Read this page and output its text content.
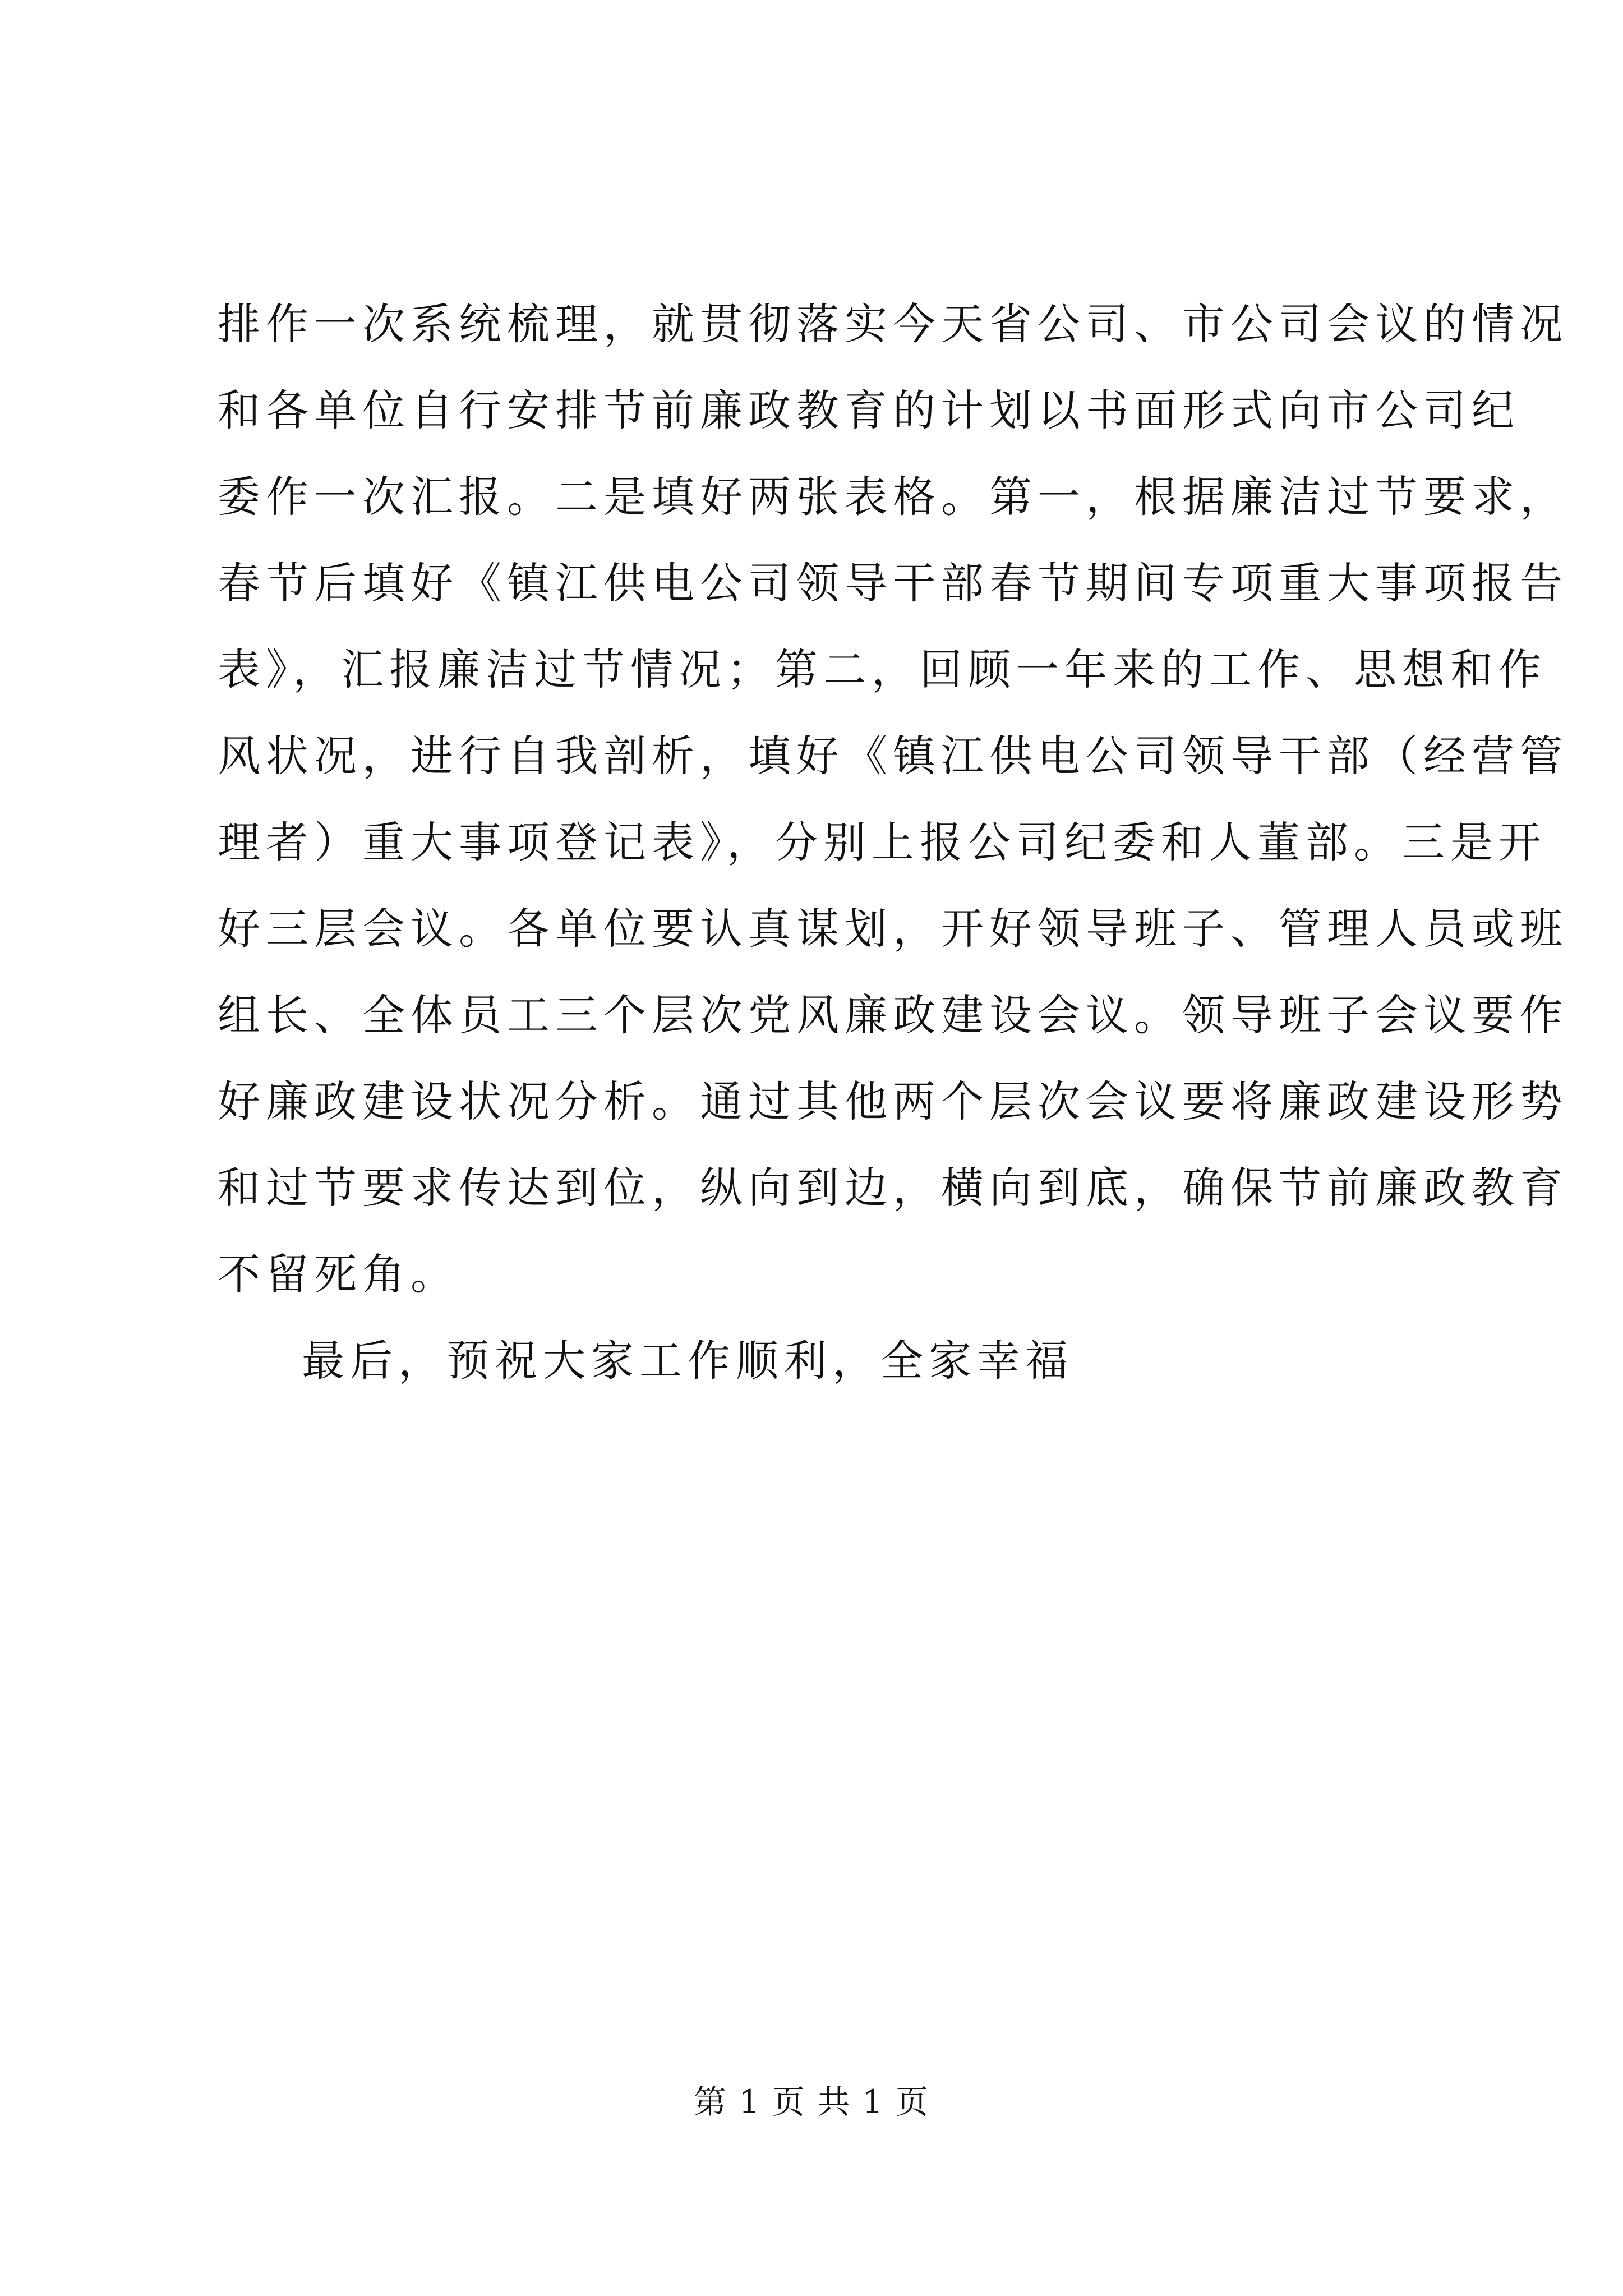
排作一次系统梳理，就贯彻落实今天省公司、市公司会议的情况
和各单位自行安排节前廉政教育的计划以书面形式向市公司纪
委作一次汇报。二是填好两张表格。第一，根据廉洁过节要求，
春节后填好《镇江供电公司领导干部春节期间专项重大事项报告
表》，汇报廉洁过节情况；第二，回顾一年来的工作、思想和作
风状况，进行自我剖析，填好《镇江供电公司领导干部（经营管
理者）重大事项登记表》，分别上报公司纪委和人董部。三是开
好三层会议。各单位要认真谋划，开好领导班子、管理人员或班
组长、全体员工三个层次党风廉政建设会议。领导班子会议要作
好廉政建设状况分析。通过其他两个层次会议要将廉政建设形势
和过节要求传达到位，纵向到边，横向到底，确保节前廉政教育
不留死角。
最后，预祝大家工作顺利，全家幸福
第 1 页 共 1 页
